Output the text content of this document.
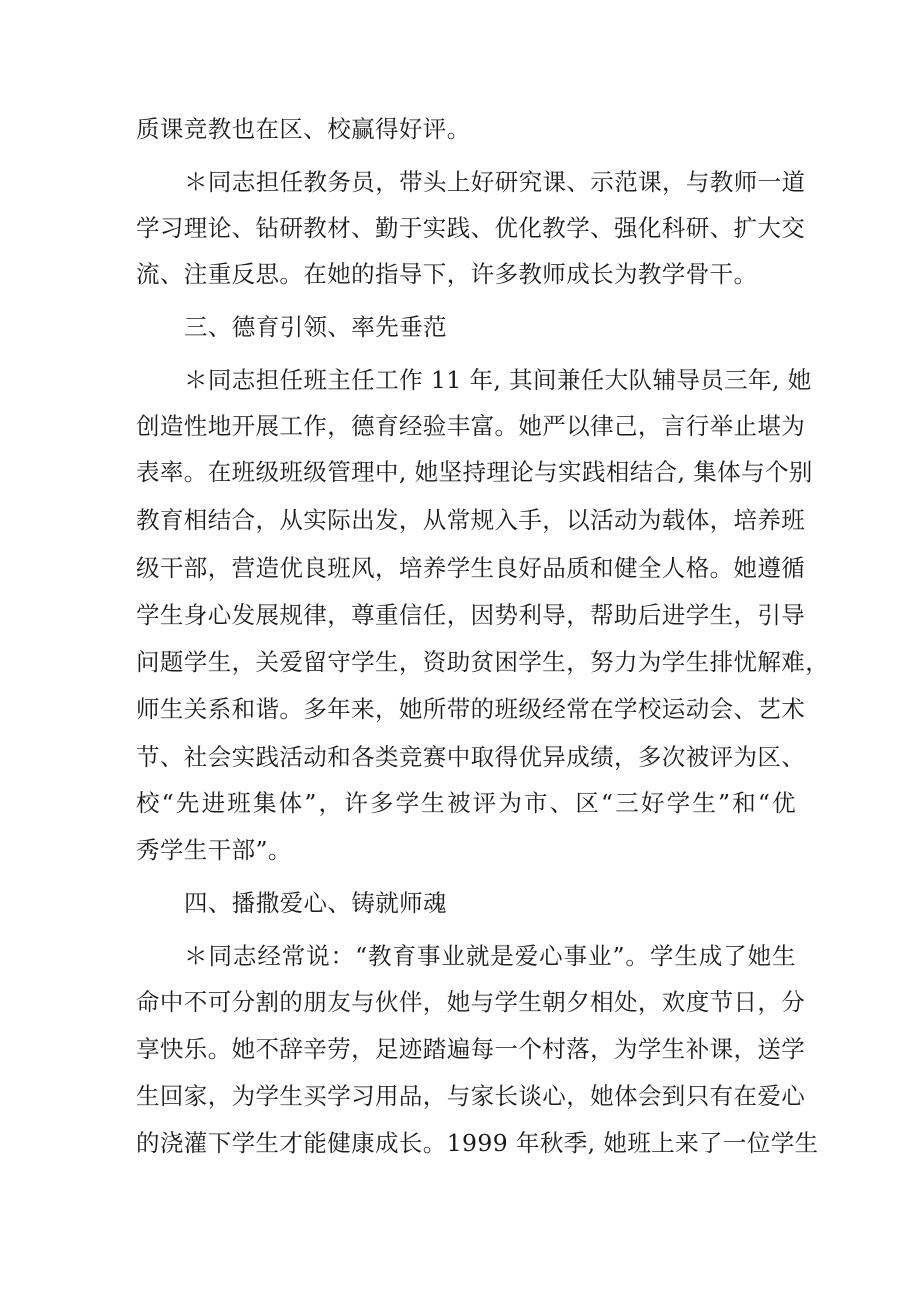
质课竞教也在区、校赢得好评。
＊同志担任教务员，带头上好研究课、示范课，与教师一道
学习理论、钻研教材、勤于实践、优化教学、强化科研、扩大交
流、注重反思。在她的指导下，许多教师成长为教学骨干。
三、德育引领、率先垂范
＊同志担任班主任工作 11 年, 其间兼任大队辅导员三年, 她
创造性地开展工作，德育经验丰富。她严以律己，言行举止堪为
表率。在班级班级管理中, 她坚持理论与实践相结合, 集体与个别
教育相结合，从实际出发，从常规入手，以活动为载体，培养班
级干部，营造优良班风，培养学生良好品质和健全人格。她遵循
学生身心发展规律，尊重信任，因势利导，帮助后进学生，引导
问题学生，关爱留守学生，资助贫困学生，努力为学生排忧解难，
师生关系和谐。多年来，她所带的班级经常在学校运动会、艺术
节、社会实践活动和各类竞赛中取得优异成绩，多次被评为区、
校“先进班集体”，许多学生被评为市、区“三好学生”和“优
秀学生干部”。
四、播撒爱心、铸就师魂
＊同志经常说：“教育事业就是爱心事业”。学生成了她生
命中不可分割的朋友与伙伴，她与学生朝夕相处，欢度节日，分
享快乐。她不辞辛劳，足迹踏遍每一个村落，为学生补课，送学
生回家，为学生买学习用品，与家长谈心，她体会到只有在爱心
的浇灌下学生才能健康成长。1999 年秋季, 她班上来了一位学生
